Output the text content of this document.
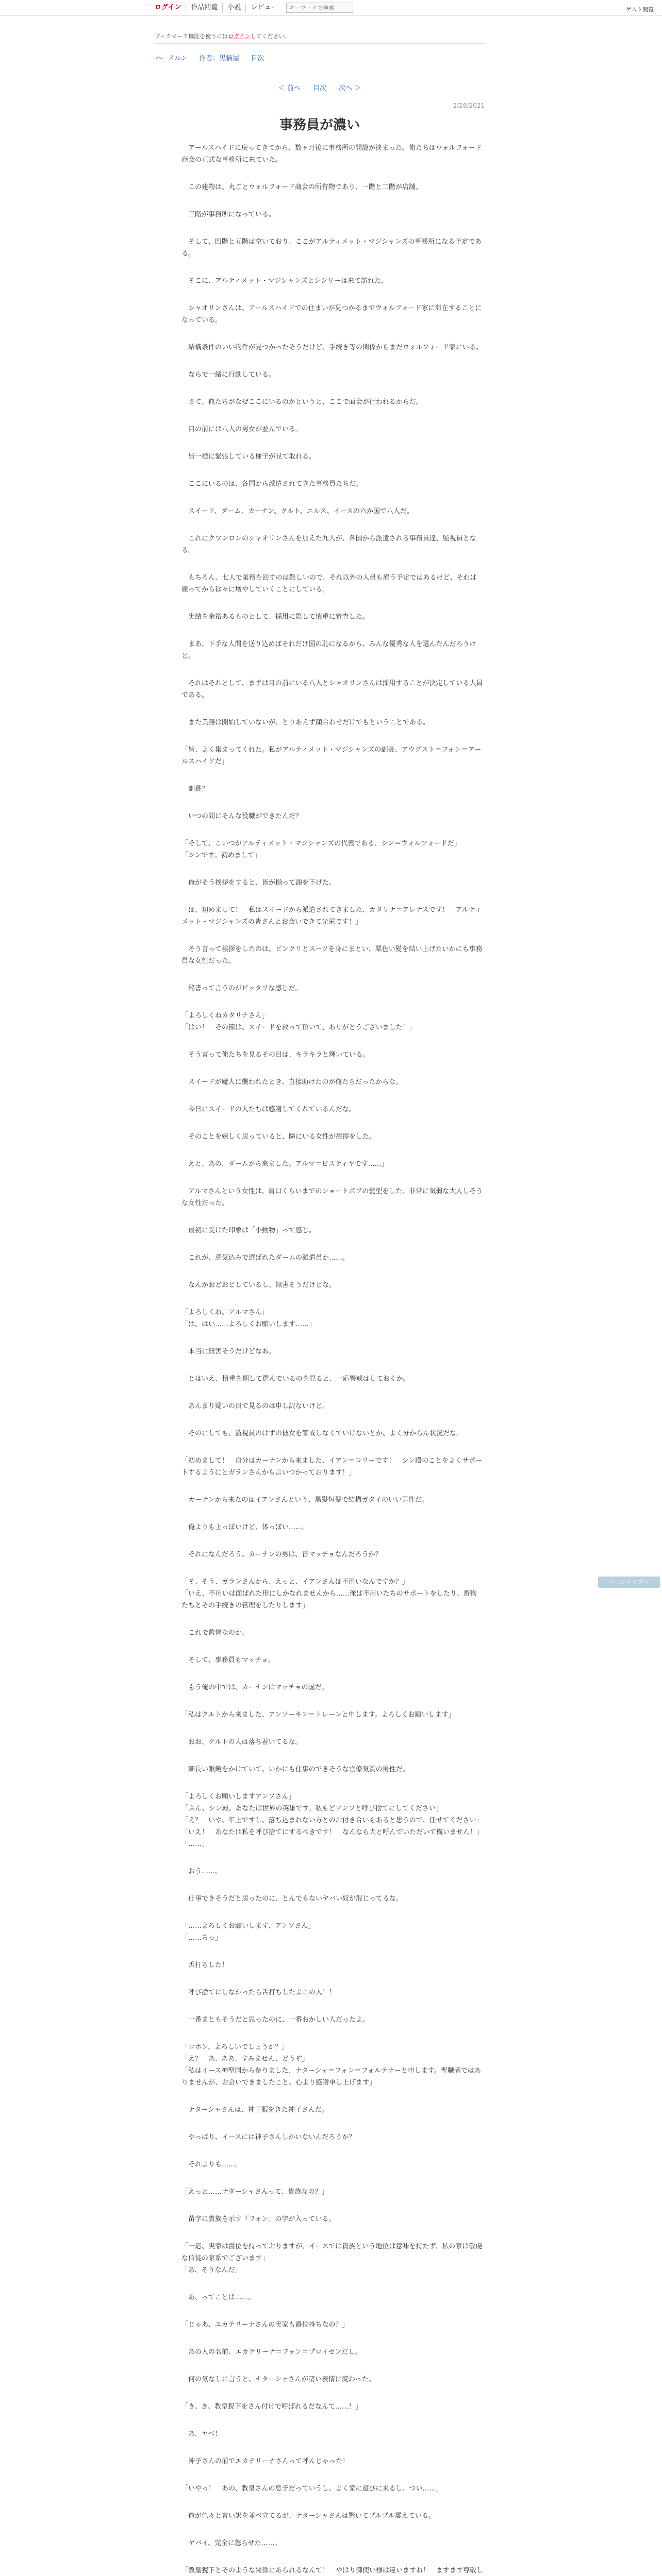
ログイン	作品閲覧	小説	レビュー
キーワードで検索	ゲスト閲覧
ブックマーク機能を使うにはログインしてください。
ハーメルン 作者：黒猫屋 目次
＜ 前へ 目次 次へ ＞
2/28/2021
事務員が濃い

　アールスハイドに戻ってきてから、数ヶ月後に事務所の開設が決まった。俺たちはウォルフォード商会の正式な事務所に来ていた。

　この建物は、丸ごとウォルフォード商会の所有物であり、一階と二階が店舗。

　三階が事務所になっている。

　そして、四階と五階は空いており、ここがアルティメット・マジシャンズの事務所になる予定である。

　そこに、アルティメット・マジシャンズとシシリーは来て訪れた。

　シャオリンさんは、アールスハイドでの住まいが見つかるまでウォルフォード家に滞在することになっている。

　結構条件のいい物件が見つかったそうだけど、手続き等の関係からまだウォルフォード家にいる。

　ならで一緒に行動している。

　さて、俺たちがなぜここにいるのかというと、ここで面会が行われるからだ。

　目の前には八人の男女が並んでいる。

　皆一様に緊張している様子が見て取れる。

　ここにいるのは、各国から派遣されてきた事務員たちだ。

　スイード、ダーム、カーナン、クルト、エルス、イースの六か国で八人だ。

　これにクワンロンのシャオリンさんを加えた九人が、各国から派遣される事務員達、監視員となる。

　もちろん、七人で業務を回すのは難しいので、それ以外の人員も雇う予定ではあるけど、それは雇ってから徐々に増やしていくことにしている。

　実績を余裕あるものとして、採用に際して慎重に審査した。

　まあ、下手な人間を送り込めばそれだけ国の恥になるから、みんな優秀な人を選んだんだろうけど。

　それはそれとして、まずは目の前にいる八人とシャオリンさんは採用することが決定している人員である。

　また業務は開始していないが、とりあえず顔合わせだけでもということである。

「皆、よく集まってくれた。私がアルティメット・マジシャンズの副長、アウグスト＝フォン＝アールスハイドだ」

　副長？

　いつの間にそんな役職ができたんだ？

「そして、こいつがアルティメット・マジシャンズの代表である、シン＝ウォルフォードだ」
「シンです。初めまして」

　俺がそう挨拶をすると、皆が揃って頭を下げた。

「は、初めまして！　私はスイードから派遣されてきました、カタリナ＝アレナスです！　アルティメット・マジシャンズの皆さんとお会いできて光栄です！」

　そう言って挨拶をしたのは、ピンクリとスーツを身にまとい、栗色い髪を結い上げたいかにも事務員な女性だった。

　秘書って言うのがピッタリな感じだ。

「よろしくねカタリナさん」
「はい！　その節は、スイードを救って頂いて、ありがとうございました！」

　そう言って俺たちを見るその目は、キラキラと輝いている。

　スイードが魔人に襲われたとき、直接助けたのが俺たちだったからな。

　今日にスイードの人たちは感謝してくれているんだな。

　そのことを嬉しく思っていると、隣にいる女性が挨拶をした。

「えと、あの、ダームから来ました。アルマ＝ビスティヤです……」

　アルマさんという女性は、肩口くらいまでのショートボブの髪型をした、非常に気弱な大人しそうな女性だった。

　最初に受けた印象は「小動物」って感じ。

　これが、意気込みで選ばれたダームの派遣員か……。

　なんかおどおどしているし、無害そうだけどな。

「よろしくね、アルマさん」
「は、はい……よろしくお願いします……」

　本当に無害そうだけどなあ。

　とはいえ、慎重を期して選んでいるのを見ると、一応警戒はしておくか。

　あんまり疑いの目で見るのは申し訳ないけど。

　そのにしても、監視員のはずの彼女を警戒しなくていけないとか、よく分からん状況だな。

「初めまして！　自分はカーナンから来ました、イアン＝コリーです！　シン殿のことをよくサポートするようにとガランさんから言いつかっております！」

　カーナンから来たのはイアンさんという、黒髪短髪で結構ガタイのいい男性だ。

　俺よりも上っぽいけど、体っぽい……。

　それになんだろう、カーナンの男は、皆マッチョなんだろうか？

「そ、そう、ガランさんから、えっと、イアンさんは不用いなんですか？」
「いえ、不用いは面ぱれた形にしかなれませんから……俺は不用いたちのサポートをしたり、畜物たちとその手続きの管理をしたりします」

　これで監督なのか。

　そして、事務員もマッチョ。

　もう俺の中では、カーナンはマッチョの国だ。

「私はクルトから来ました、アンソーキン＝トレーンと申します。よろしくお願いします」

　おお、クルトの人は落ち着いてるな。

　細長い眼鏡をかけていて、いかにも仕事のできそうな官僚気質の男性だ。

「よろしくお願いしますアンソさん」
「ふん、シン殿。あなたは世界の英雄です。私もどアンソと呼び捨てにしてください」
「え？　いや、年上ですし、落ち込まれない方とのお付き合いもあると思うので、任せてください」
「いえ！　あなたは私を呼び捨てにするべきです！　なんなら犬と呼んでいただいて構いません！」
「……」

　おう……。

　仕事できそうだと思ったのに、とんでもないヤバい奴が混じってるな。

「……よろしくお願いします、アンソさん」
「……ちっ」

　舌打ちした！

　呼び捨てにしなかったら舌打ちしたよこの人！！

　一番まともそうだと思ったのに、一番おかしい人だったよ。

「コホン、よろしいでしょうか？」
「え？　あ、ああ、すみません、どうぞ」
「私はイース神聖国から参りました、ナターシャ＝フォン＝フォルテナーと申します。聖職者ではありませんが、お会いできましたこと、心より感謝申し上げます」

　ナターシャさんは、神子服をきた神子さんだ。

　やっぱり、イースには神子さんしかいないんだろうか？

　それよりも……。

「えっと……ナターシャさんって、貴族なの？」

　苗字に貴族を示す『フォン』の字が入っている。

「一応、実家は爵位を持っておりますが、イースでは貴族という地位は意味を持たず、私の家は敬虔な信徒の家系でございます」
「あ、そうなんだ」

　あ、ってことは……。

「じゃあ、エカテリーナさんの実家も爵位持ちなの？」

　あの人の名前、エカテリーナ＝フォン＝プロイセンだし。

　何の気なしに言うと、ナターシャさんが凄い表情に変わった。

「き、き、教皇猊下をさん付けで呼ばれるだなんて……！」

　あ、ヤベ！

　神子さんの前でエカテリーナさんって呼んじゃった！

「いやっ！　あの、教皇さんの息子だっていうし、よく家に遊びに来るし、つい……」

　俺が色々と言い訳を並べ立てるが、ナターシャさんは驚いてプルプル震えている。

　ヤバイ、完全に怒らせた……。

「教皇猊下とそのような関係にあられるなんて！　やはり御使い様は違いますね！　ますます尊敬し

ページトップへ
